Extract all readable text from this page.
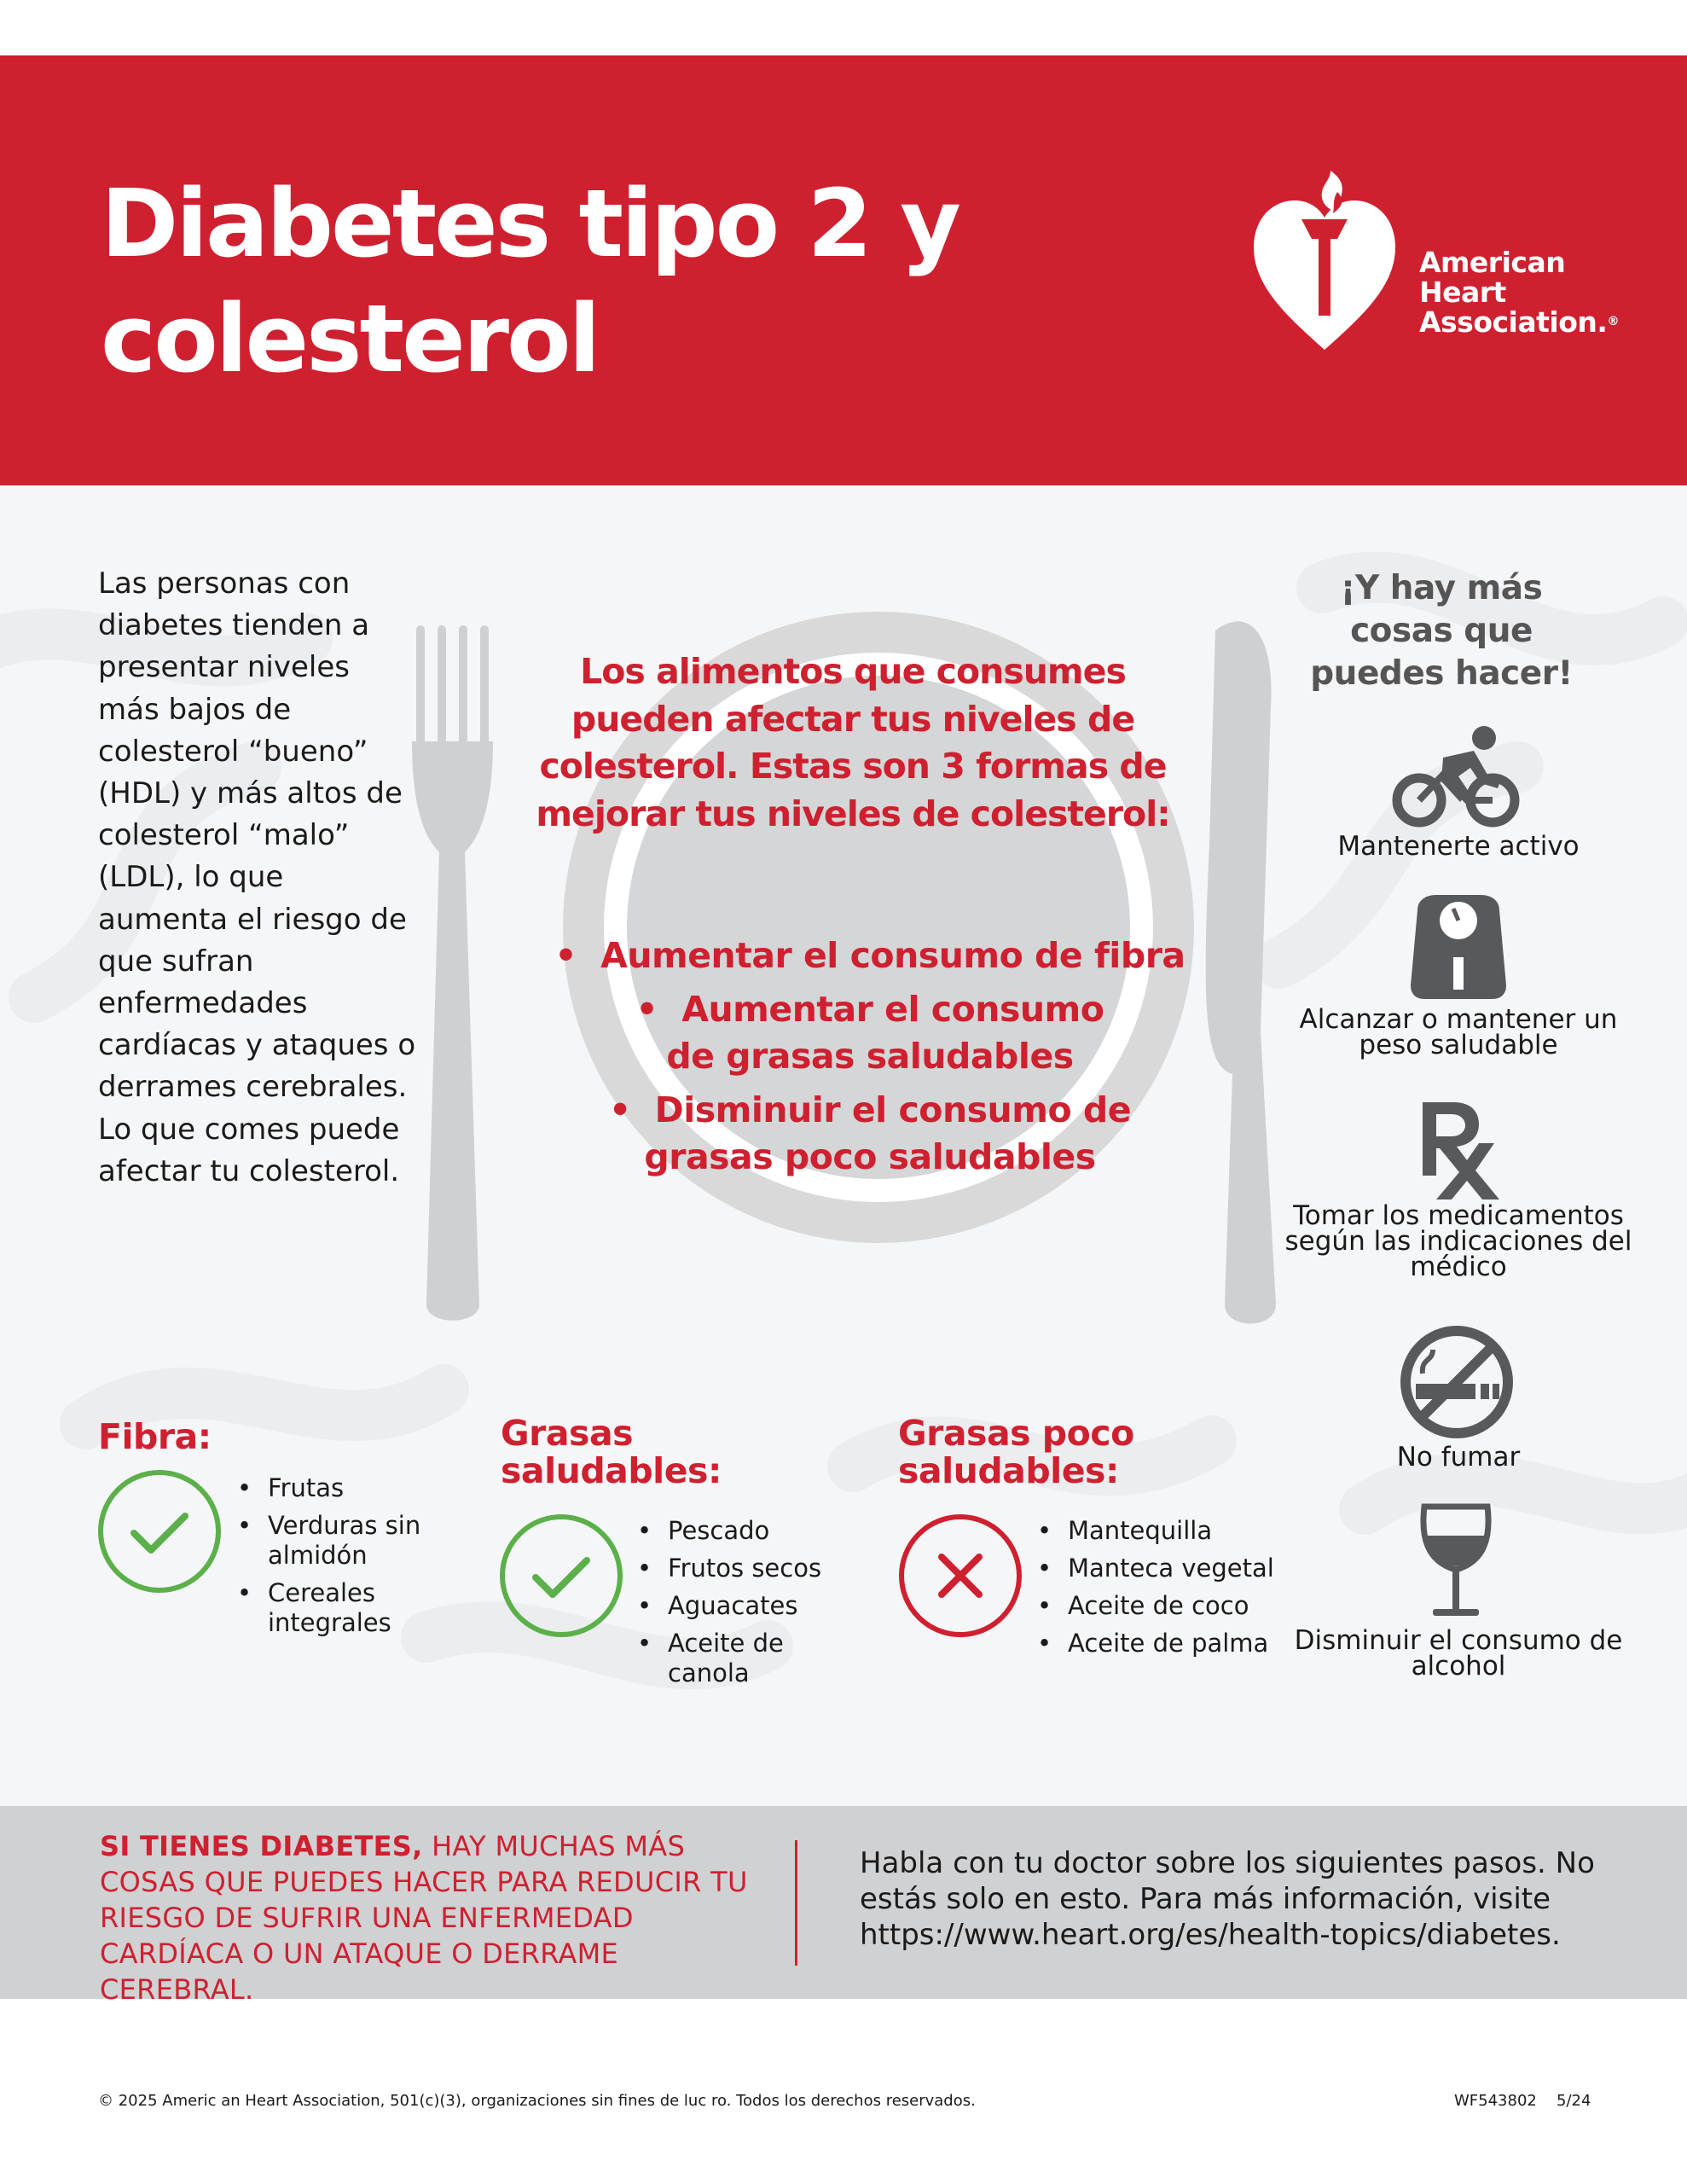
Diabetes tipo 2 y colesterol
American
Heart
Association.®
Las personas con diabetes tienden a presentar niveles más bajos de colesterol “bueno” (HDL) y más altos de colesterol “malo” (LDL), lo que aumenta el riesgo de que sufran enfermedades cardíacas y ataques o derrames cerebrales. Lo que comes puede afectar tu colesterol.
Los alimentos que consumes pueden afectar tus niveles de colesterol. Estas son 3 formas de mejorar tus niveles de colesterol:
• Aumentar el consumo de fibra
• Aumentar el consumo de grasas saludables
• Disminuir el consumo de grasas poco saludables
¡Y hay más cosas que puedes hacer!
Mantenerte activo
Alcanzar o mantener un peso saludable
Tomar los medicamentos según las indicaciones del médico
No fumar
Disminuir el consumo de alcohol
Fibra:
• Frutas
• Verduras sin almidón
• Cereales integrales
Grasas saludables:
• Pescado
• Frutos secos
• Aguacates
• Aceite de canola
Grasas poco saludables:
• Mantequilla
• Manteca vegetal
• Aceite de coco
• Aceite de palma
SI TIENES DIABETES, HAY MUCHAS MÁS COSAS QUE PUEDES HACER PARA REDUCIR TU RIESGO DE SUFRIR UNA ENFERMEDAD CARDÍACA O UN ATAQUE O DERRAME CEREBRAL.
Habla con tu doctor sobre los siguientes pasos. No estás solo en esto. Para más información, visite https://www.heart.org/es/health-topics/diabetes.
© 2025 Americ an Heart Association, 501(c)(3), organizaciones sin fines de luc ro. Todos los derechos reservados.	WF543802 5/24
